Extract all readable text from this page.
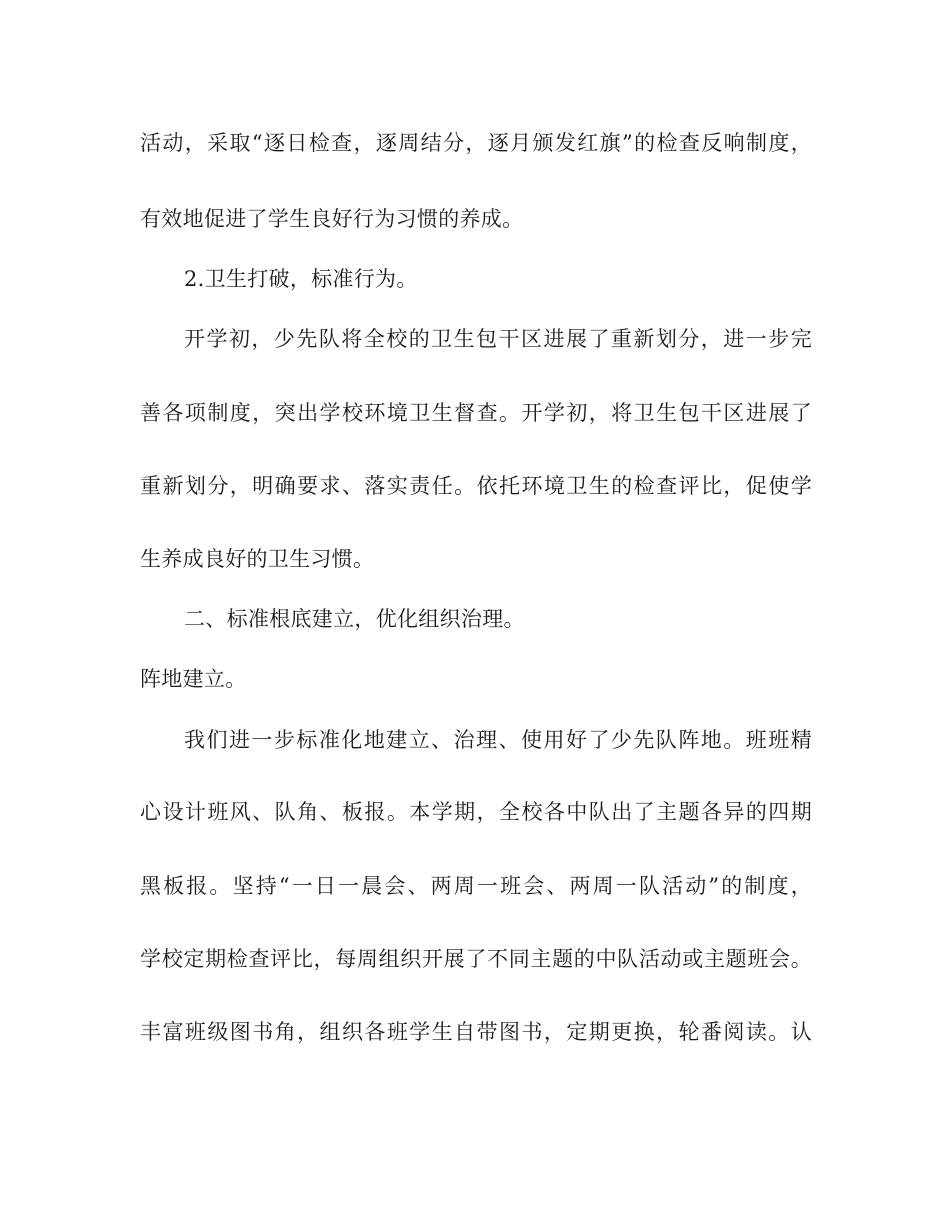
活动，采取“逐日检查，逐周结分，逐月颁发红旗”的检查反响制度，
有效地促进了学生良好行为习惯的养成。
2.卫生打破，标准行为。
开学初，少先队将全校的卫生包干区进展了重新划分，进一步完
善各项制度，突出学校环境卫生督查。开学初，将卫生包干区进展了
重新划分，明确要求、落实责任。依托环境卫生的检查评比，促使学
生养成良好的卫生习惯。
二、标准根底建立，优化组织治理。
阵地建立。
我们进一步标准化地建立、治理、使用好了少先队阵地。班班精
心设计班风、队角、板报。本学期，全校各中队出了主题各异的四期
黑板报。坚持“一日一晨会、两周一班会、两周一队活动”的制度，
学校定期检查评比，每周组织开展了不同主题的中队活动或主题班会。
丰富班级图书角，组织各班学生自带图书，定期更换，轮番阅读。认
